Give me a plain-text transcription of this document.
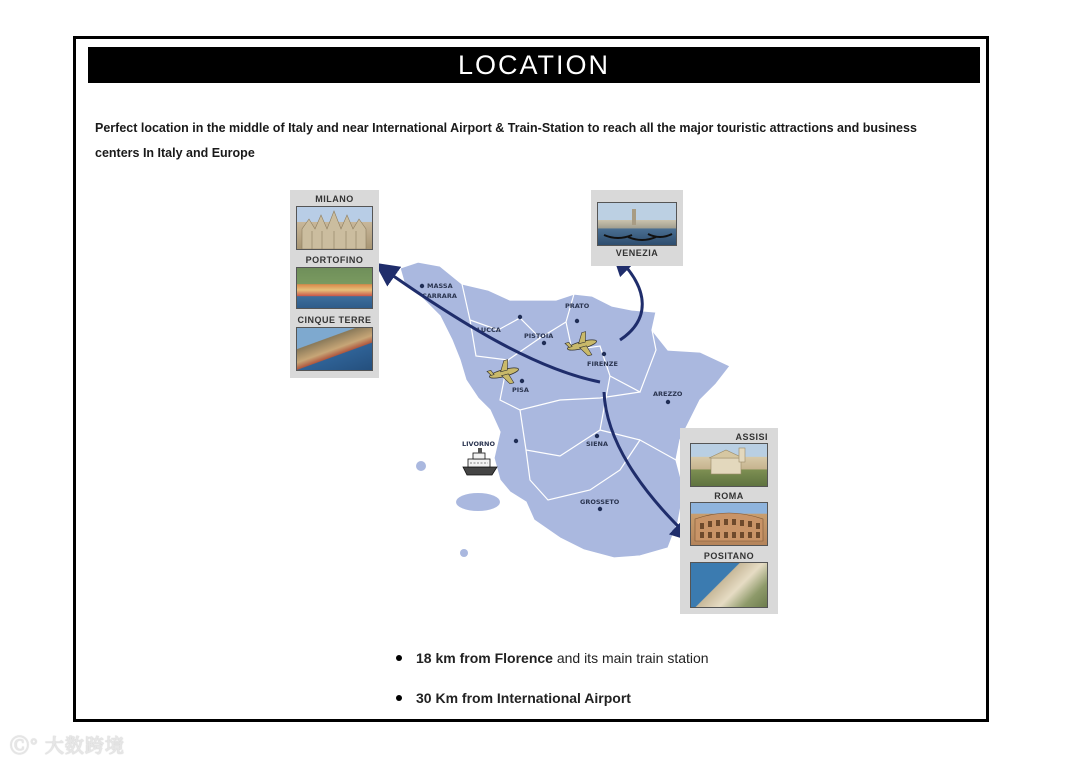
LOCATION
Perfect location in the middle of Italy and near International Airport & Train-Station to reach all the major touristic attractions and business
centers In Italy and Europe
MASSA
CARRARA
LUCCA
PISTOIA
PRATO
FIRENZE
PISA
LIVORNO
AREZZO
SIENA
GROSSETO
MILANO
PORTOFINO
CINQUE TERRE
VENEZIA
ASSISI
ROMA
POSITANO
18 km from Florence and its main train station
30 Km from International Airport
Ⓒ° 大数跨境
